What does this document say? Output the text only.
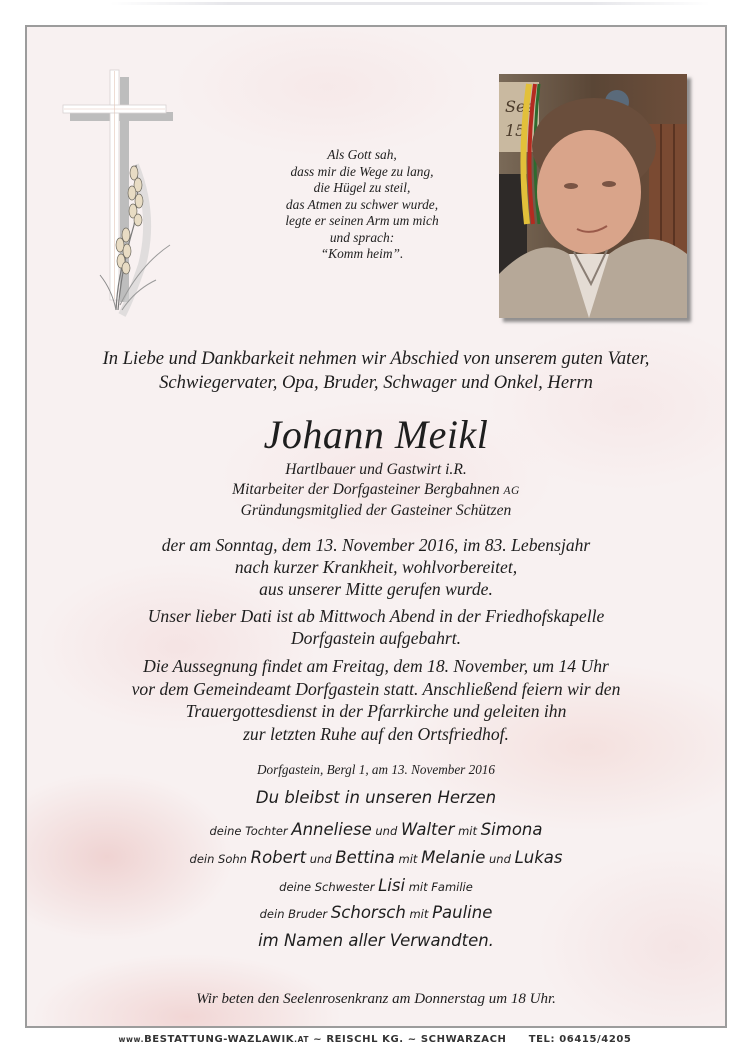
Als Gott sah,
dass mir die Wege zu lang,
die Hügel zu steil,
das Atmen zu schwer wurde,
legte er seinen Arm um mich
und sprach:
“Komm heim”.
See
15
In Liebe und Dankbarkeit nehmen wir Abschied von unserem guten Vater,
Schwiegervater, Opa, Bruder, Schwager und Onkel, Herrn
Johann Meikl
Hartlbauer und Gastwirt i.R.
Mitarbeiter der Dorfgasteiner Bergbahnen AG
Gründungsmitglied der Gasteiner Schützen
der am Sonntag, dem 13. November 2016, im 83. Lebensjahr
nach kurzer Krankheit, wohlvorbereitet,
aus unserer Mitte gerufen wurde.
Unser lieber Dati ist ab Mittwoch Abend in der Friedhofskapelle
Dorfgastein aufgebahrt.
Die Aussegnung findet am Freitag, dem 18. November, um 14 Uhr
vor dem Gemeindeamt Dorfgastein statt. Anschließend feiern wir den
Trauergottesdienst in der Pfarrkirche und geleiten ihn
zur letzten Ruhe auf den Ortsfriedhof.
Dorfgastein, Bergl 1, am 13. November 2016
Du bleibst in unseren Herzen
deine Tochter Anneliese und Walter mit Simona
dein Sohn Robert und Bettina mit Melanie und Lukas
deine Schwester Lisi mit Familie
dein Bruder Schorsch mit Pauline
im Namen aller Verwandten.
Wir beten den Seelenrosenkranz am Donnerstag um 18 Uhr.
www.BESTATTUNG-WAZLAWIK.AT ~ REISCHL KG. ~ SCHWARZACH TEL: 06415/4205
